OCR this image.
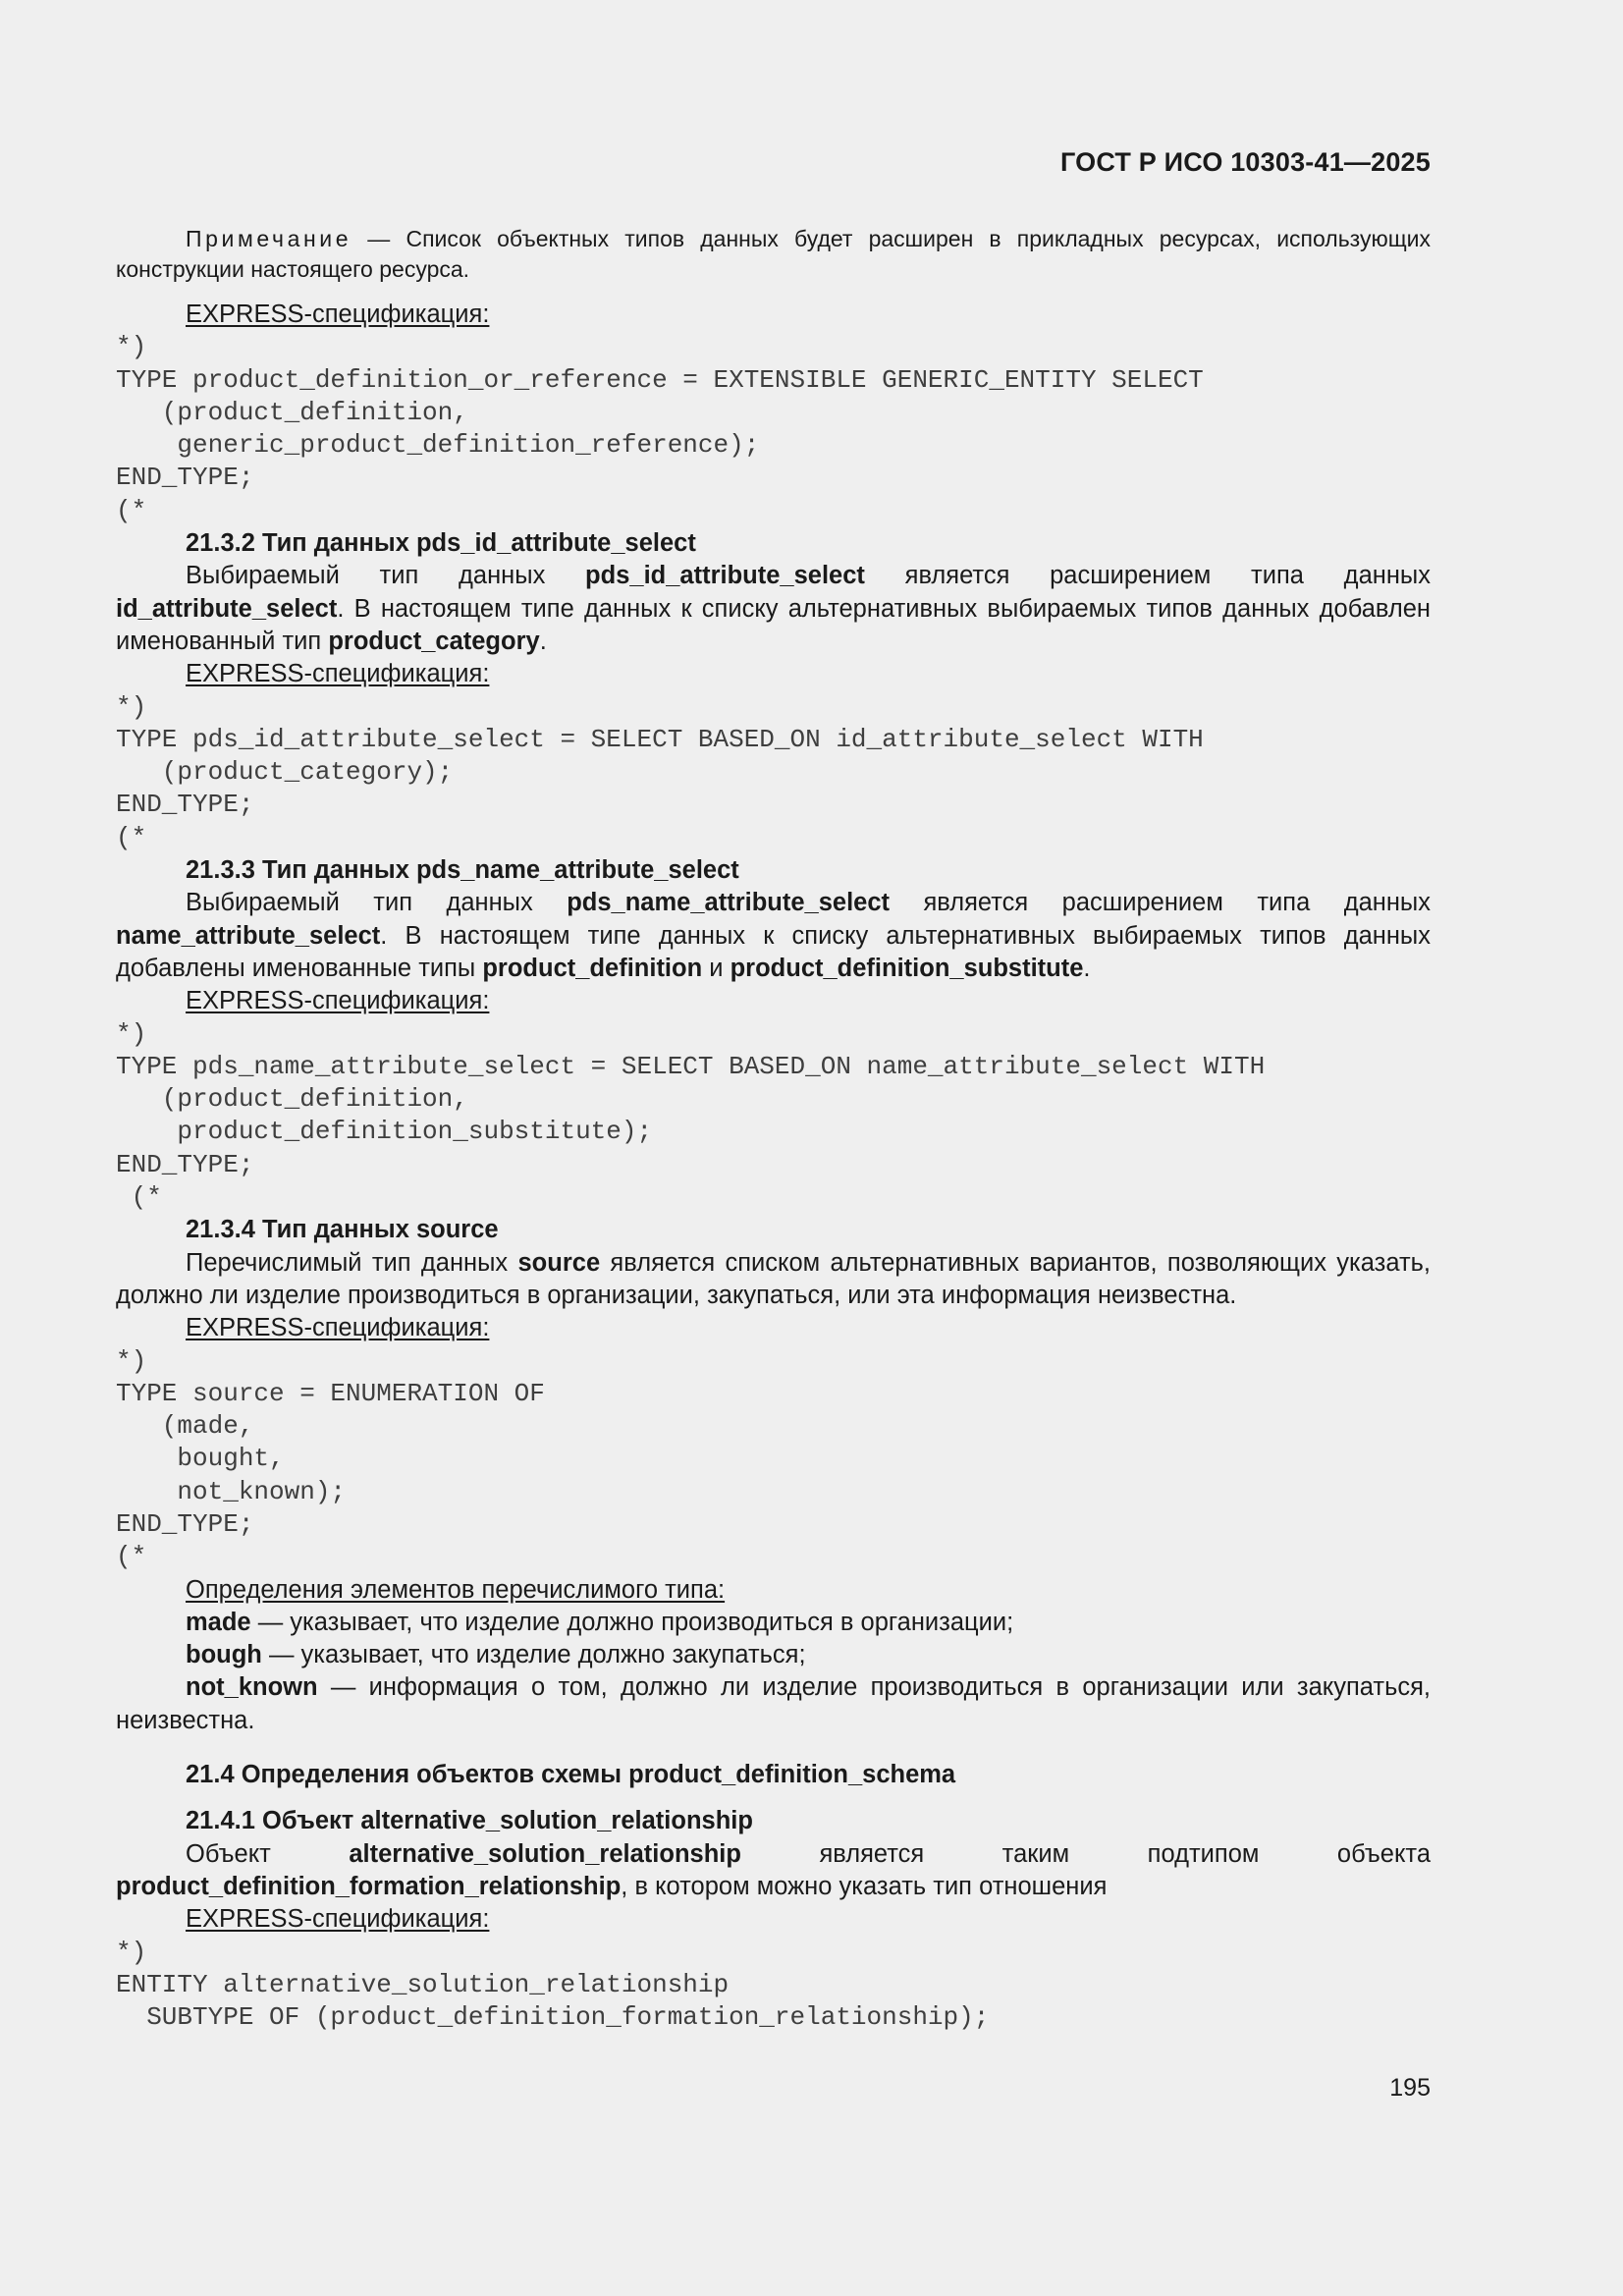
ГОСТ Р ИСО 10303-41—2025

Примечание — Список объектных типов данных будет расширен в прикладных ресурсах, использующих конструкции настоящего ресурса.

EXPRESS-спецификация:

*)
TYPE product_definition_or_reference = EXTENSIBLE GENERIC_ENTITY SELECT
(product_definition,
generic_product_definition_reference);
END_TYPE;
(*

21.3.2 Тип данных pds_id_attribute_select

Выбираемый тип данных pds_id_attribute_select является расширением типа данных id_attribute_select. В настоящем типе данных к списку альтернативных выбираемых типов данных добавлен именованный тип product_category.

EXPRESS-спецификация:

*)
TYPE pds_id_attribute_select = SELECT BASED_ON id_attribute_select WITH
(product_category);
END_TYPE;
(*

21.3.3 Тип данных pds_name_attribute_select

Выбираемый тип данных pds_name_attribute_select является расширением типа данных name_attribute_select. В настоящем типе данных к списку альтернативных выбираемых типов данных добавлены именованные типы product_definition и product_definition_substitute.

EXPRESS-спецификация:

*)
TYPE pds_name_attribute_select = SELECT BASED_ON name_attribute_select WITH
(product_definition,
product_definition_substitute);
END_TYPE;
(*

21.3.4 Тип данных source

Перечислимый тип данных source является списком альтернативных вариантов, позволяющих указать, должно ли изделие производиться в организации, закупаться, или эта информация неизвестна.

EXPRESS-спецификация:

*)
TYPE source = ENUMERATION OF
(made,
bought,
not_known);
END_TYPE;
(*

Определения элементов перечислимого типа:

made — указывает, что изделие должно производиться в организации;

bough — указывает, что изделие должно закупаться;

not_known — информация о том, должно ли изделие производиться в организации или закупаться, неизвестна.

21.4 Определения объектов схемы product_definition_schema

21.4.1 Объект alternative_solution_relationship

Объект alternative_solution_relationship является таким подтипом объекта product_definition_formation_relationship, в котором можно указать тип отношения

EXPRESS-спецификация:

*)
ENTITY alternative_solution_relationship
SUBTYPE OF (product_definition_formation_relationship);
195
